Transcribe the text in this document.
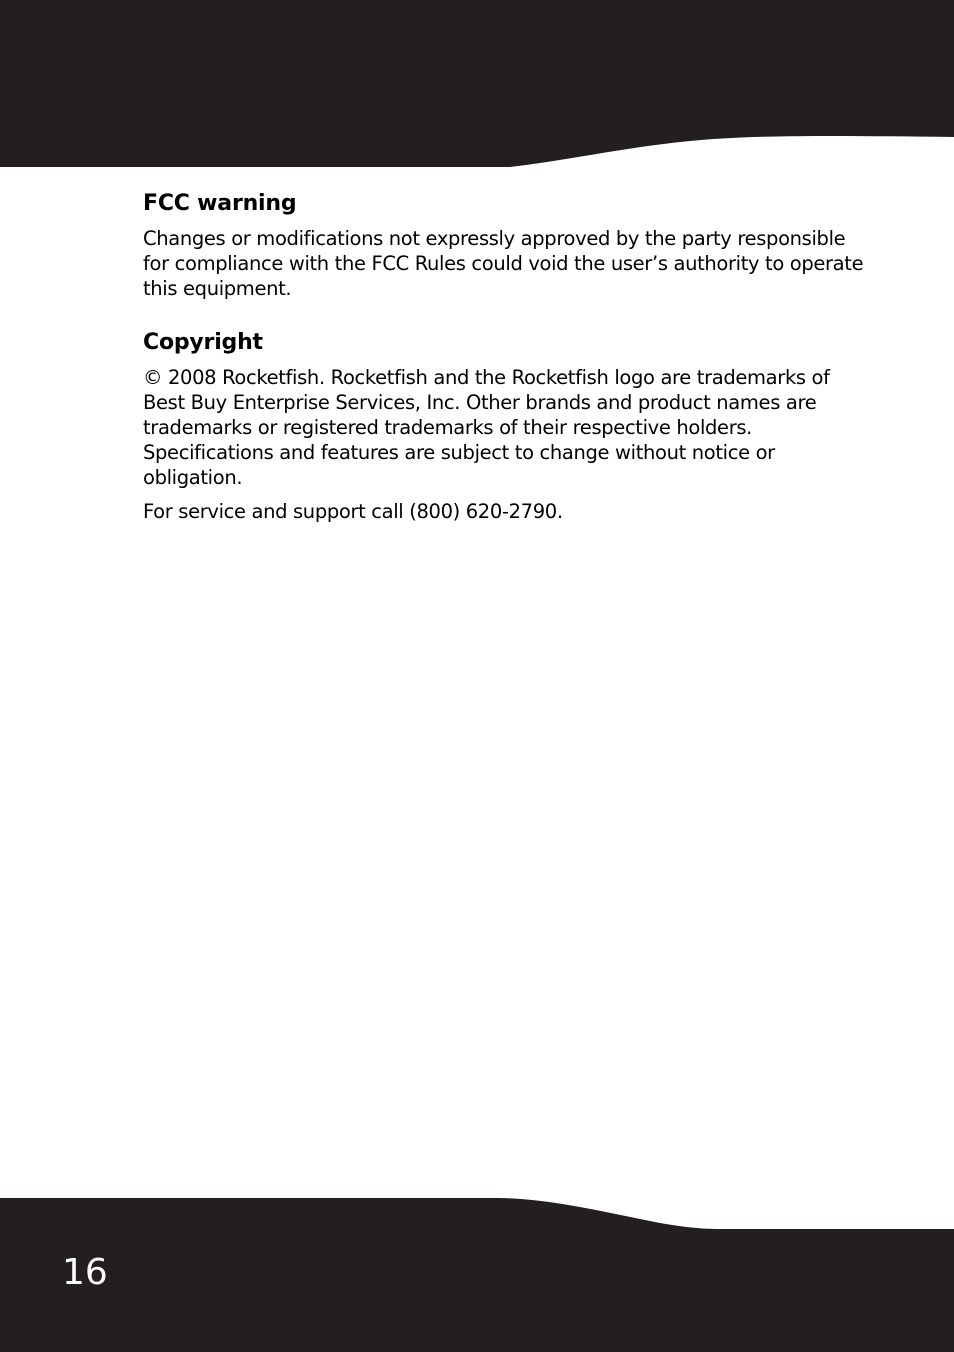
FCC warning

Changes or modifications not expressly approved by the party responsible for compliance with the FCC Rules could void the user’s authority to operate this equipment.

Copyright

© 2008 Rocketfish. Rocketfish and the Rocketfish logo are trademarks of Best Buy Enterprise Services, Inc. Other brands and product names are trademarks or registered trademarks of their respective holders. Specifications and features are subject to change without notice or obligation.

For service and support call (800) 620-2790.

16
